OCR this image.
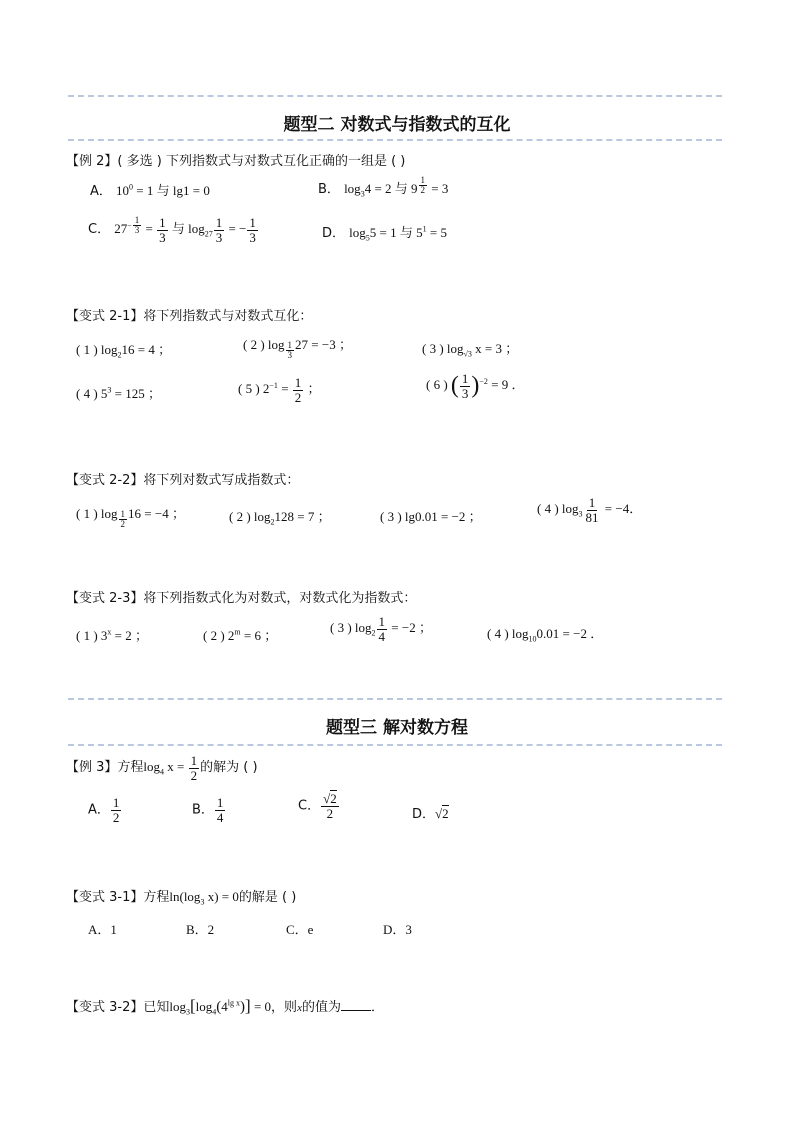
题型二 对数式与指数式的互化
【例 2】( 多选 ) 下列指数式与对数式互化正确的一组是 ( )
A． $10^0 = 1$ 与 lg1 = 0	B． $\log_34 = 2$ 与 9 $^{\frac{1}{2}}$ = 3
C． $27^{- \frac{1}{3}} = \frac{1}{3}$ 与 $\log_{27} \frac{1}{3}$ = − $\frac{1}{3}$	D． $\log_55 = 1$ 与 $5^1 = 5$
【变式 2-1】将下列指数式与对数式互化：
( 1 ) $\log_216 = 4$ ；	( 2 ) log $_{\frac{1}{3}}$ 27 = −3 ；	( 3 ) $\log_{√3} x = 3$ ；
( 4 ) $5^3 = 125$ ；	( 5 ) $2^{-1} = \frac{1}{2}$ ；	( 6 ) ( $\frac{1}{3} )^{-2} = 9$ ．
【变式 2-2】将下列对数式写成指数式：
( 1 ) log $_{\frac{1}{2}}$ 16 = −4 ；	( 2 ) $\log_2128 = 7$ ；	( 3 ) lg0.01 = −2 ；
( 4 ) $\log_3 \frac{1}{81} = -4$．
【变式 2-3】将下列指数式化为对数式，对数式化为指数式：
( 1 ) $3^x = 2$ ；	( 2 ) $2^m = 6$ ；
( 3 ) $\log_2 \frac{1}{4} = -2$ ；	( 4 ) $\log_{10}0.01 = -2$ ．
题型三 解对数方程
【例 3】方程$\log_4 x = \frac{1}{2}$ 的解为 ( )
A． $\frac{1}{2}$	B． $\frac{1}{4}$	C． $\frac{√2}{2}$	D．√2
【变式 3-1】方程$\ln(\log_3$ x) = 0的解是 ( )
A．1	B．2	C．e	D．3
【变式 3-2】已知$\log_3[\log_4(4^{lg x})] = 0$，则x的值为 ．
